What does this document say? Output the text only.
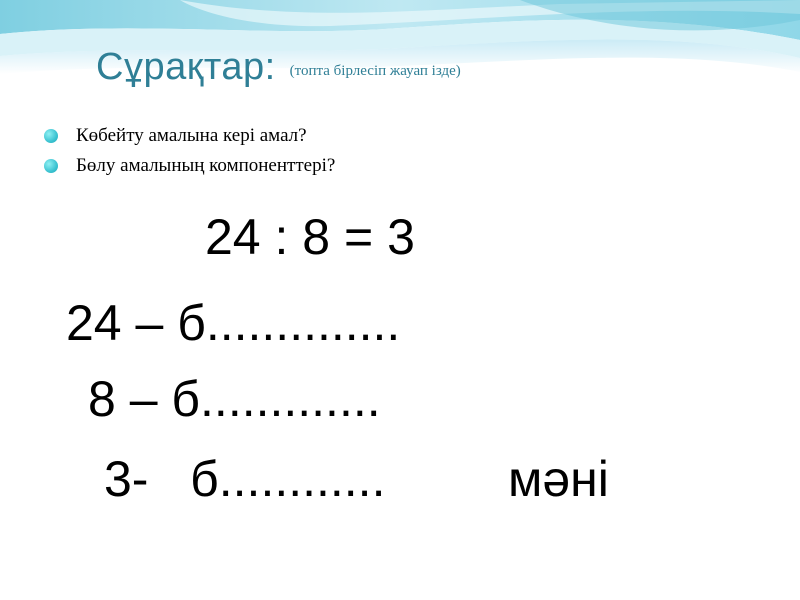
Сұрақтар: (топта бірлесіп жауап ізде)
Көбейту амалына кері амал?
Бөлу амалының компоненттері?
24 : 8 = 3
24 – б..............
8 – б.............
3-   б............ мәні
